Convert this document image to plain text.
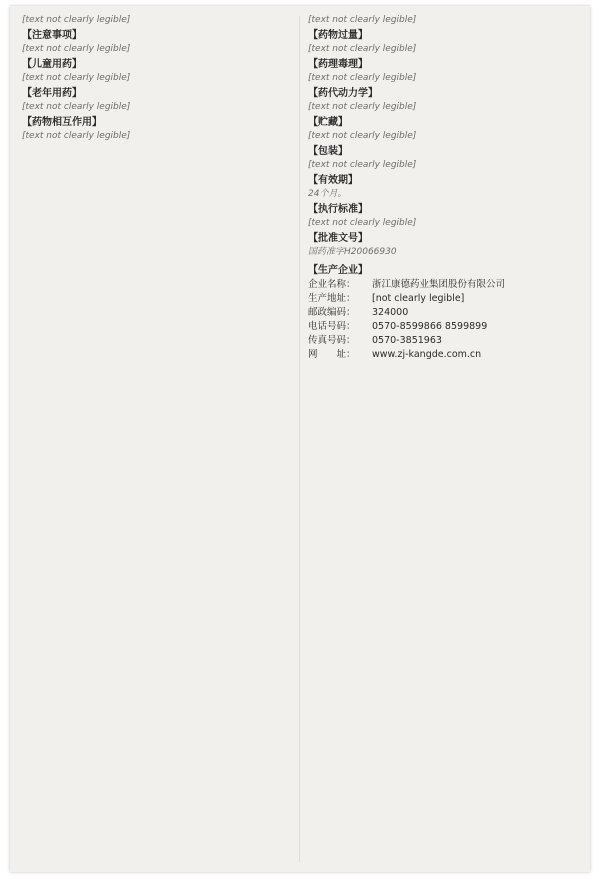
[text not clearly legible]
【注意事项】
[text not clearly legible]
【儿童用药】
[text not clearly legible]
【老年用药】
[text not clearly legible]
【药物相互作用】
[text not clearly legible]
[text not clearly legible]
【药物过量】
[text not clearly legible]
【药理毒理】
[text not clearly legible]
【药代动力学】
[text not clearly legible]
【贮藏】
[text not clearly legible]
【包装】
[text not clearly legible]
【有效期】
24个月。
【执行标准】
[text not clearly legible]
【批准文号】
国药准字H20066930
【生产企业】
企业名称： 浙江康德药业集团股份有限公司
生产地址： [not clearly legible]
邮政编码： 324000
电话号码： 0570-8599866 8599899
传真号码： 0570-3851963
网　　址： www.zj-kangde.com.cn
